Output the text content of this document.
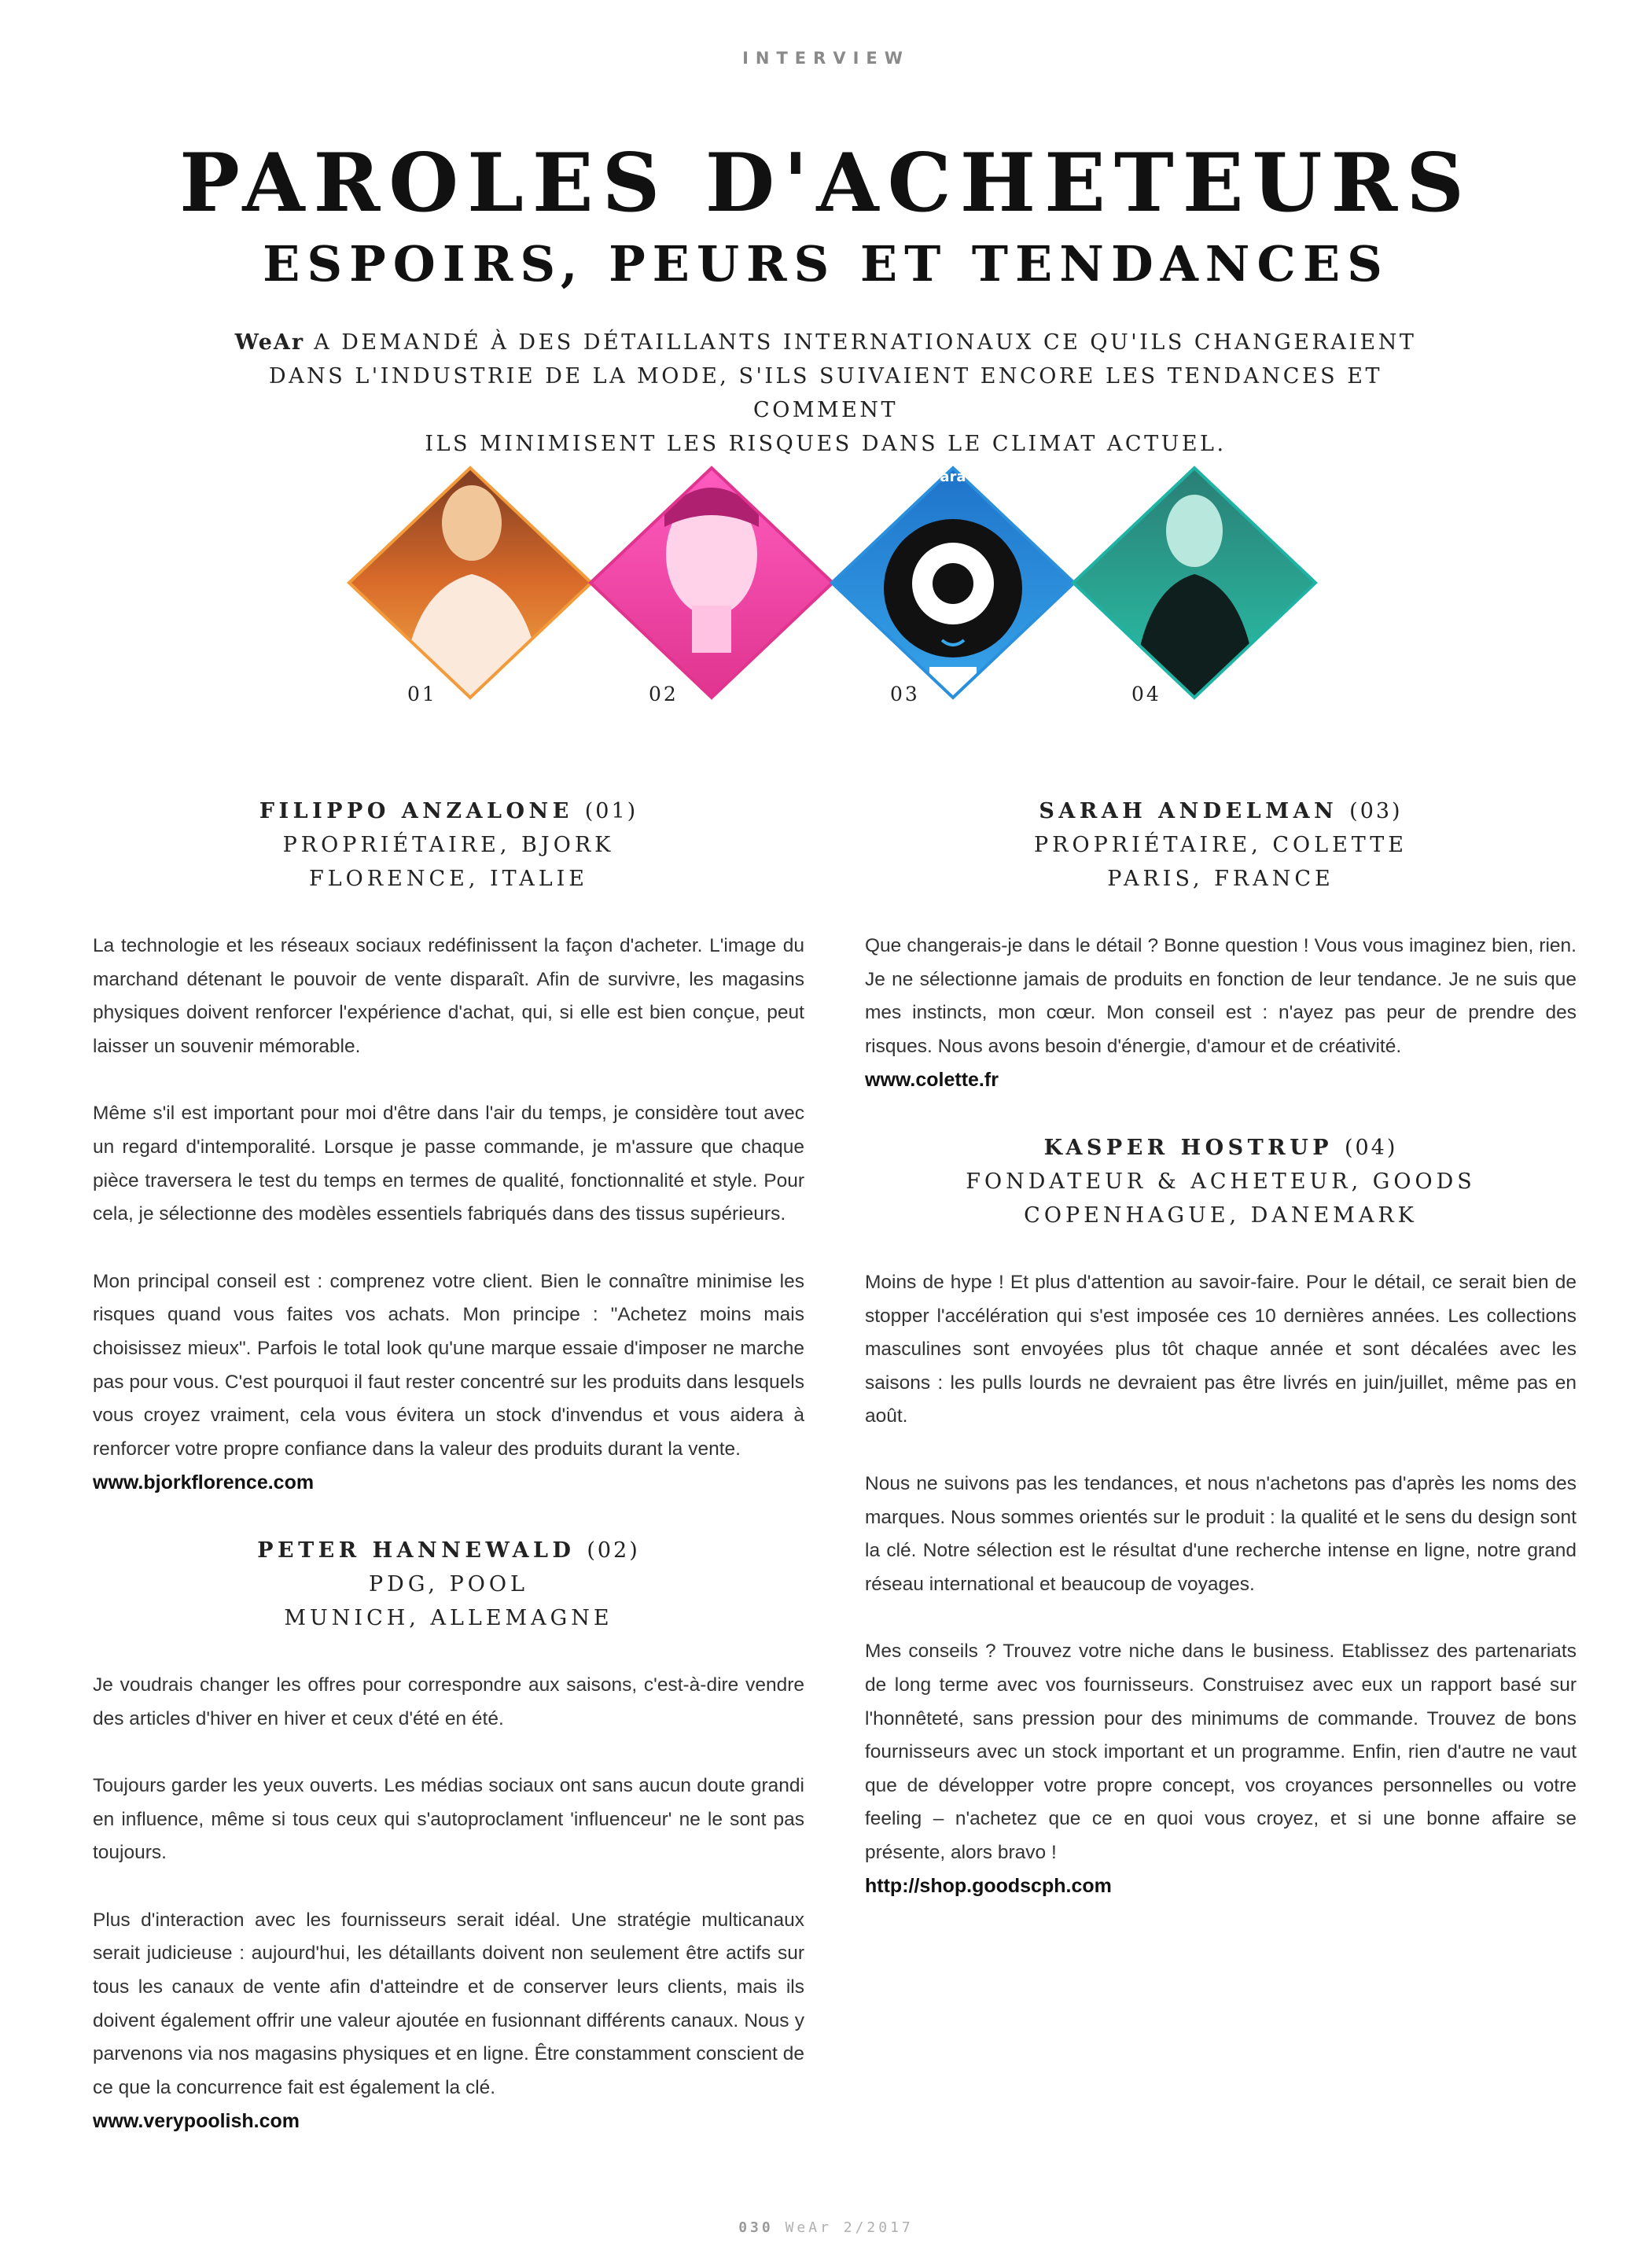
INTERVIEW
PAROLES D'ACHETEURS
ESPOIRS, PEURS ET TENDANCES
WeAr A DEMANDÉ À DES DÉTAILLANTS INTERNATIONAUX CE QU'ILS CHANGERAIENT
DANS L'INDUSTRIE DE LA MODE, S'ILS SUIVAIENT ENCORE LES TENDANCES ET COMMENT
ILS MINIMISENT LES RISQUES DANS LE CLIMAT ACTUEL.
ara
01	02	03	04
FILIPPO ANZALONE (01)
PROPRIÉTAIRE, BJORK
FLORENCE, ITALIE

La technologie et les réseaux sociaux redéfinissent la façon d'acheter. L'image du marchand détenant le pouvoir de vente disparaît. Afin de survivre, les magasins physiques doivent renforcer l'expérience d'achat, qui, si elle est bien conçue, peut laisser un souvenir mémorable.

Même s'il est important pour moi d'être dans l'air du temps, je considère tout avec un regard d'intemporalité. Lorsque je passe commande, je m'assure que chaque pièce traversera le test du temps en termes de qualité, fonctionnalité et style. Pour cela, je sélectionne des modèles essentiels fabriqués dans des tissus supérieurs.

Mon principal conseil est : comprenez votre client. Bien le connaître minimise les risques quand vous faites vos achats. Mon principe : "Achetez moins mais choisissez mieux". Parfois le total look qu'une marque essaie d'imposer ne marche pas pour vous. C'est pourquoi il faut rester concentré sur les produits dans lesquels vous croyez vraiment, cela vous évitera un stock d'invendus et vous aidera à renforcer votre propre confiance dans la valeur des produits durant la vente.

www.bjorkflorence.com
PETER HANNEWALD (02)
PDG, POOL
MUNICH, ALLEMAGNE

Je voudrais changer les offres pour correspondre aux saisons, c'est-à-dire vendre des articles d'hiver en hiver et ceux d'été en été.

Toujours garder les yeux ouverts. Les médias sociaux ont sans aucun doute grandi en influence, même si tous ceux qui s'autoproclament 'influenceur' ne le sont pas toujours.

Plus d'interaction avec les fournisseurs serait idéal. Une stratégie multicanaux serait judicieuse : aujourd'hui, les détaillants doivent non seulement être actifs sur tous les canaux de vente afin d'atteindre et de conserver leurs clients, mais ils doivent également offrir une valeur ajoutée en fusionnant différents canaux. Nous y parvenons via nos magasins physiques et en ligne. Être constamment conscient de ce que la concurrence fait est également la clé.

www.verypoolish.com
SARAH ANDELMAN (03)
PROPRIÉTAIRE, COLETTE
PARIS, FRANCE

Que changerais-je dans le détail ? Bonne question ! Vous vous imaginez bien, rien. Je ne sélectionne jamais de produits en fonction de leur tendance. Je ne suis que mes instincts, mon cœur. Mon conseil est : n'ayez pas peur de prendre des risques. Nous avons besoin d'énergie, d'amour et de créativité.

www.colette.fr
KASPER HOSTRUP (04)
FONDATEUR & ACHETEUR, GOODS
COPENHAGUE, DANEMARK

Moins de hype ! Et plus d'attention au savoir-faire. Pour le détail, ce serait bien de stopper l'accélération qui s'est imposée ces 10 dernières années. Les collections masculines sont envoyées plus tôt chaque année et sont décalées avec les saisons : les pulls lourds ne devraient pas être livrés en juin/juillet, même pas en août.

Nous ne suivons pas les tendances, et nous n'achetons pas d'après les noms des marques. Nous sommes orientés sur le produit : la qualité et le sens du design sont la clé. Notre sélection est le résultat d'une recherche intense en ligne, notre grand réseau international et beaucoup de voyages.

Mes conseils ? Trouvez votre niche dans le business. Etablissez des partenariats de long terme avec vos fournisseurs. Construisez avec eux un rapport basé sur l'honnêteté, sans pression pour des minimums de commande. Trouvez de bons fournisseurs avec un stock important et un programme. Enfin, rien d'autre ne vaut que de développer votre propre concept, vos croyances personnelles ou votre feeling – n'achetez que ce en quoi vous croyez, et si une bonne affaire se présente, alors bravo !

http://shop.goodscph.com
030 WeAr 2/2017
